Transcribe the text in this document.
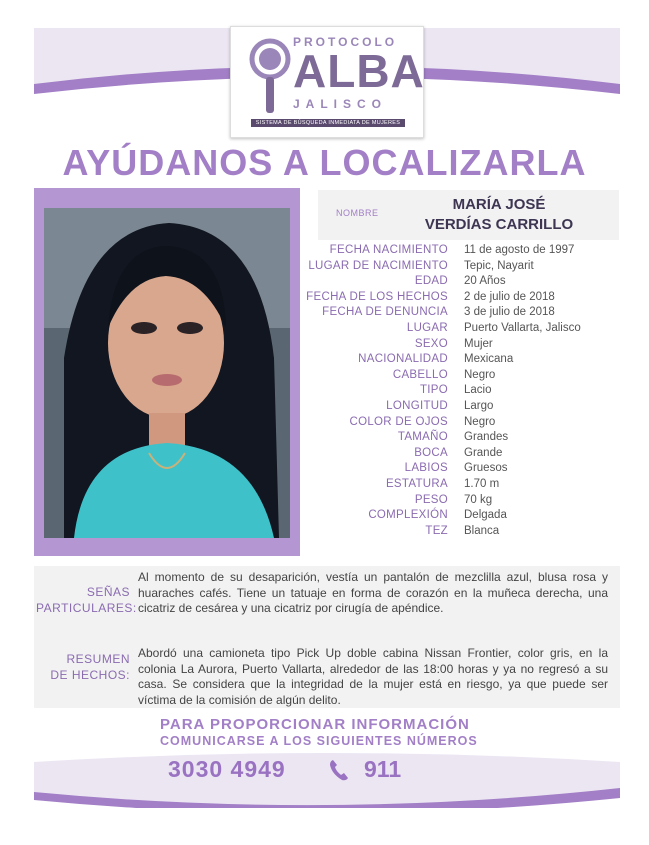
PROTOCOLO
ALBA
JALISCO
SISTEMA DE BÚSQUEDA INMEDIATA DE MUJERES
AYÚDANOS A LOCALIZARLA
NOMBRE	MARÍA JOSÉ
VERDÍAS CARRILLO
FECHA NACIMIENTO 11 de agosto de 1997
LUGAR DE NACIMIENTO Tepic, Nayarit
EDAD 20 Años
FECHA DE LOS HECHOS 2 de julio de 2018
FECHA DE DENUNCIA 3 de julio de 2018
LUGAR Puerto Vallarta, Jalisco
SEXO Mujer
NACIONALIDAD Mexicana
CABELLO Negro
TIPO Lacio
LONGITUD Largo
COLOR DE OJOS Negro
TAMAÑO Grandes
BOCA Grande
LABIOS Gruesos
ESTATURA 1.70 m
PESO 70 kg
COMPLEXIÓN Delgada
TEZ Blanca
SEÑAS
PARTICULARES:
Al momento de su desaparición, vestía un pantalón de mezclilla azul, blusa rosa y huaraches cafés. Tiene un tatuaje en forma de corazón en la muñeca derecha, una cicatriz de cesárea y una cicatriz por cirugía de apéndice.
RESUMEN
DE HECHOS:
Abordó una camioneta tipo Pick Up doble cabina Nissan Frontier, color gris, en la colonia La Aurora, Puerto Vallarta, alrededor de las 18:00 horas y ya no regresó a su casa. Se considera que la integridad de la mujer está en riesgo, ya que puede ser víctima de la comisión de algún delito.
PARA PROPORCIONAR INFORMACIÓN
COMUNICARSE A LOS SIGUIENTES NÚMEROS
3030 4949	911
